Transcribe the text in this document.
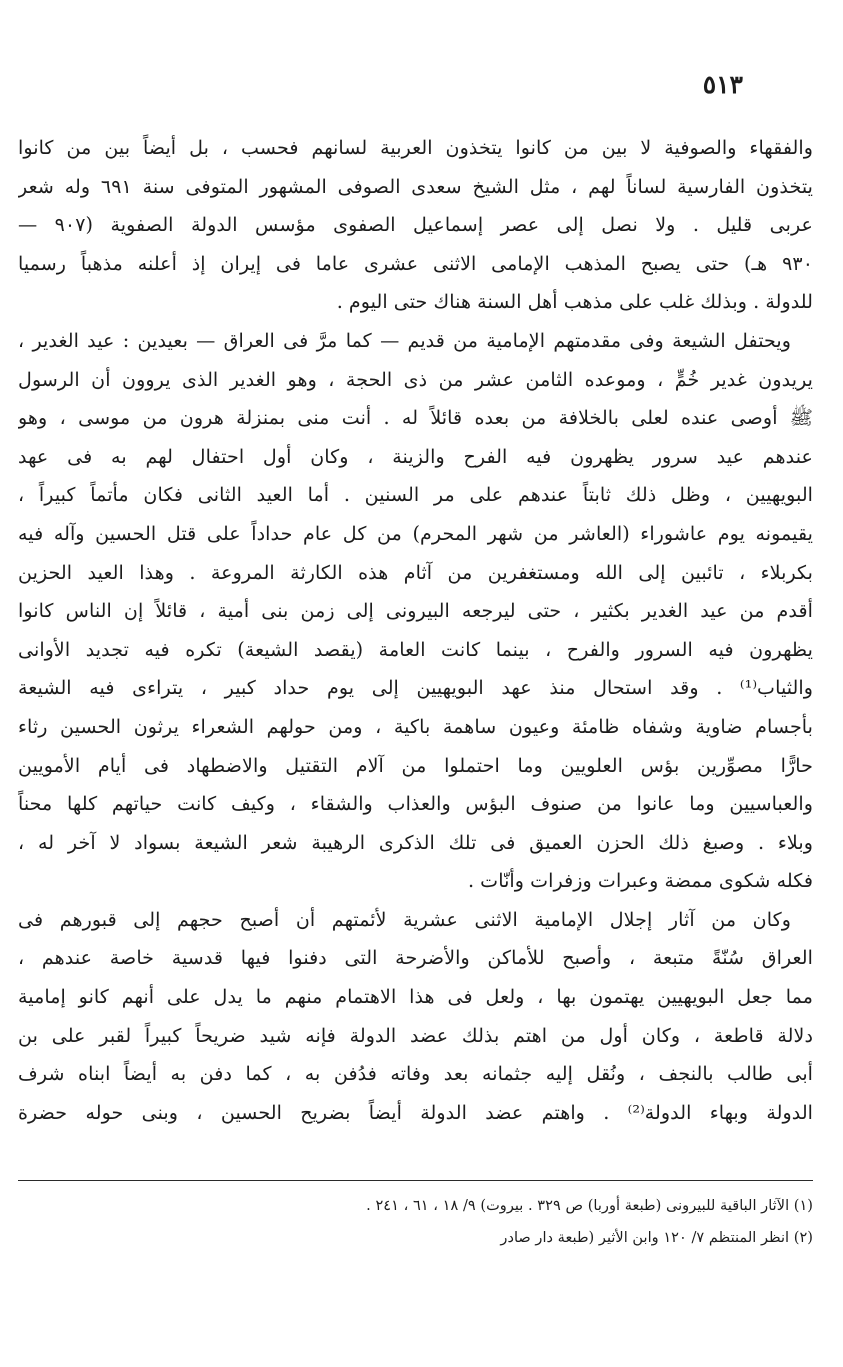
٥١٣
والفقهاء والصوفية لا بين من كانوا يتخذون العربية لسانهم فحسب ، بل أيضاً بين من كانوا
يتخذون الفارسية لساناً لهم ، مثل الشيخ سعدى الصوفى المشهور المتوفى سنة ٦٩١ وله شعر
عربى قليل . ولا نصل إلى عصر إسماعيل الصفوى مؤسس الدولة الصفوية (٩٠٧ —
٩٣٠ هـ) حتى يصبح المذهب الإمامى الاثنى عشرى عاما فى إيران إذ أعلنه مذهباً رسميا
للدولة . وبذلك غلب على مذهب أهل السنة هناك حتى اليوم .
ويحتفل الشيعة وفى مقدمتهم الإمامية من قديم — كما مرَّ فى العراق — بعيدين : عيد الغدير ،
يريدون غدير خُمٍّ ، وموعده الثامن عشر من ذى الحجة ، وهو الغدير الذى يروون أن الرسول
ﷺ أوصى عنده لعلى بالخلافة من بعده قائلاً له . أنت منى بمنزلة هرون من موسى ، وهو
عندهم عيد سرور يظهرون فيه الفرح والزينة ، وكان أول احتفال لهم به فى عهد
البويهيين ، وظل ذلك ثابتاً عندهم على مر السنين . أما العيد الثانى فكان مأتماً كبيراً ،
يقيمونه يوم عاشوراء (العاشر من شهر المحرم) من كل عام حداداً على قتل الحسين وآله فيه
بكربلاء ، تائبين إلى الله ومستغفرين من آثام هذه الكارثة المروعة . وهذا العيد الحزين
أقدم من عيد الغدير بكثير ، حتى ليرجعه البيرونى إلى زمن بنى أمية ، قائلاً إن الناس كانوا
يظهرون فيه السرور والفرح ، بينما كانت العامة (يقصد الشيعة) تكره فيه تجديد الأوانى
والثياب⁽¹⁾ . وقد استحال منذ عهد البويهيين إلى يوم حداد كبير ، يتراءى فيه الشيعة
بأجسام ضاوية وشفاه ظامئة وعيون ساهمة باكية ، ومن حولهم الشعراء يرثون الحسين رثاء
حارًّا مصوِّرين بؤس العلويين وما احتملوا من آلام التقتيل والاضطهاد فى أيام الأمويين
والعباسيين وما عانوا من صنوف البؤس والعذاب والشقاء ، وكيف كانت حياتهم كلها محناً
وبلاء . وصبغ ذلك الحزن العميق فى تلك الذكرى الرهيبة شعر الشيعة بسواد لا آخر له ،
فكله شكوى ممضة وعبرات وزفرات وأنّات .
وكان من آثار إجلال الإمامية الاثنى عشرية لأئمتهم أن أصبح حجهم إلى قبورهم فى
العراق سُنّةً متبعة ، وأصبح للأماكن والأضرحة التى دفنوا فيها قدسية خاصة عندهم ،
مما جعل البويهيين يهتمون بها ، ولعل فى هذا الاهتمام منهم ما يدل على أنهم كانو إمامية
دلالة قاطعة ، وكان أول من اهتم بذلك عضد الدولة فإنه شيد ضريحاً كبيراً لقبر على بن
أبى طالب بالنجف ، ونُقل إليه جثمانه بعد وفاته فدُفن به ، كما دفن به أيضاً ابناه شرف
الدولة وبهاء الدولة⁽²⁾ . واهتم عضد الدولة أيضاً بضريح الحسين ، وبنى حوله حضرة
(١) الآثار الباقية للبيرونى (طبعة أوربا) ص ٣٢٩ . بيروت) ٩/ ١٨ ، ٦١ ، ٢٤١ .
(٢) انظر المنتظم ٧/ ١٢٠ وابن الأثير (طبعة دار صادر
